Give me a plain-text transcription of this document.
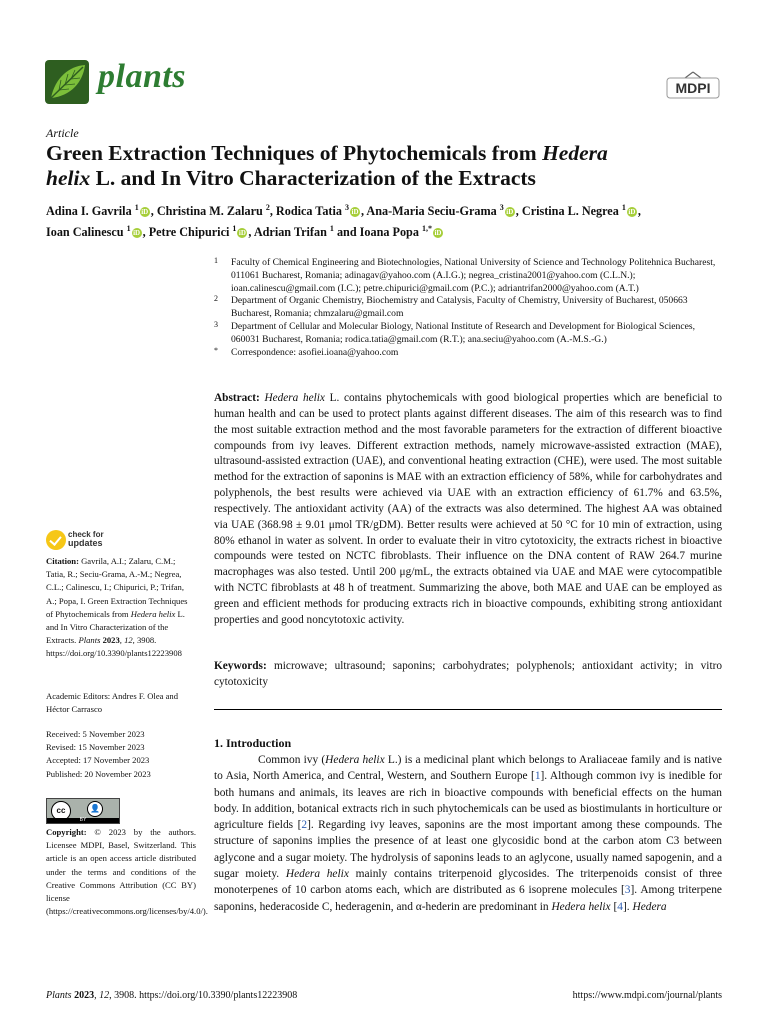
plants	MDPI
Article
Green Extraction Techniques of Phytochemicals from Hedera
helix L. and In Vitro Characterization of the Extracts
Adina I. Gavrila $^1$iD , Christina M. Zalaru $^2$, Rodica Tatia $^3$iD , Ana-Maria Seciu-Grama $^3$iD , Cristina L. Negrea $^1$iD ,
Ioan Calinescu $^1$iD , Petre Chipurici $^1$iD , Adrian Trifan $^1$ and Ioana Popa $^{1,*}$iD
1 Faculty of Chemical Engineering and Biotechnologies, National University of Science and Technology Politehnica Bucharest, 011061 Bucharest, Romania; adinagav@yahoo.com (A.I.G.); negrea_cristina2001@yahoo.com (C.L.N.); ioan.calinescu@gmail.com (I.C.); petre.chipurici@gmail.com (P.C.); adriantrifan2000@yahoo.com (A.T.)
2 Department of Organic Chemistry, Biochemistry and Catalysis, Faculty of Chemistry, University of Bucharest, 050663 Bucharest, Romania; chmzalaru@gmail.com
3 Department of Cellular and Molecular Biology, National Institute of Research and Development for Biological Sciences, 060031 Bucharest, Romania; rodica.tatia@gmail.com (R.T.); ana.seciu@yahoo.com (A.-M.S.-G.)
* Correspondence: asofiei.ioana@yahoo.com
Abstract: Hedera helix L. contains phytochemicals with good biological properties which are beneficial to human health and can be used to protect plants against different diseases. The aim of this research was to find the most suitable extraction method and the most favorable parameters for the extraction of different bioactive compounds from ivy leaves. Different extraction methods, namely microwave-assisted extraction (MAE), ultrasound-assisted extraction (UAE), and conventional heating extraction (CHE), were used. The most suitable method for the extraction of saponins is MAE with an extraction efficiency of 58%, while for carbohydrates and polyphenols, the best results were achieved via UAE with an extraction efficiency of 61.7% and 63.5%, respectively. The antioxidant activity (AA) of the extracts was also determined. The highest AA was obtained via UAE (368.98 ± 9.01 μmol TR/gDM). Better results were achieved at 50 °C for 10 min of extraction, using 80% ethanol in water as solvent. In order to evaluate their in vitro cytotoxicity, the extracts richest in bioactive compounds were tested on NCTC fibroblasts. Their influence on the DNA content of RAW 264.7 murine macrophages was also tested. Until 200 μg/mL, the extracts obtained via UAE and MAE were cytocompatible with NCTC fibroblasts at 48 h of treatment. Summarizing the above, both MAE and UAE can be employed as green and efficient methods for producing extracts rich in bioactive compounds, exhibiting strong antioxidant properties and good noncytotoxic activity.
Keywords: microwave; ultrasound; saponins; carbohydrates; polyphenols; antioxidant activity; in vitro cytotoxicity
1. Introduction
Common ivy (Hedera helix L.) is a medicinal plant which belongs to Araliaceae family and is native to Asia, North America, and Central, Western, and Southern Europe [1]. Although common ivy is inedible for both humans and animals, its leaves are rich in bioactive compounds with beneficial effects on the human body. In addition, botanical extracts rich in such phytochemicals can be used as biostimulants in horticulture or agriculture fields [2]. Regarding ivy leaves, saponins are the most important among these compounds. The structure of saponins implies the presence of at least one glycosidic bond at the carbon atom C3 between aglycone and a sugar moiety. The hydrolysis of saponins leads to an aglycone, usually named sapogenin, and a sugar moiety. Hedera helix mainly contains triterpenoid glycosides. The triterpenoids consist of three monoterpenes of 10 carbon atoms each, which are distributed as 6 isoprene molecules [3]. Among triterpene saponins, hederacoside C, hederagenin, and α-hederin are predominant in Hedera helix [4]. Hedera
check for
updates
Citation: Gavrila, A.I.; Zalaru, C.M.; Tatia, R.; Seciu-Grama, A.-M.; Negrea, C.L.; Calinescu, I.; Chipurici, P.; Trifan, A.; Popa, I. Green Extraction Techniques of Phytochemicals from Hedera helix L. and In Vitro Characterization of the Extracts. Plants 2023, 12, 3908. https://doi.org/10.3390/plants12223908
Academic Editors: Andres F. Olea and Héctor Carrasco
Received: 5 November 2023
Revised: 15 November 2023
Accepted: 17 November 2023
Published: 20 November 2023
cc	👤
BY
Copyright: © 2023 by the authors. Licensee MDPI, Basel, Switzerland. This article is an open access article distributed under the terms and conditions of the Creative Commons Attribution (CC BY) license (https://creativecommons.org/licenses/by/4.0/).
Plants 2023, 12, 3908. https://doi.org/10.3390/plants12223908	https://www.mdpi.com/journal/plants
